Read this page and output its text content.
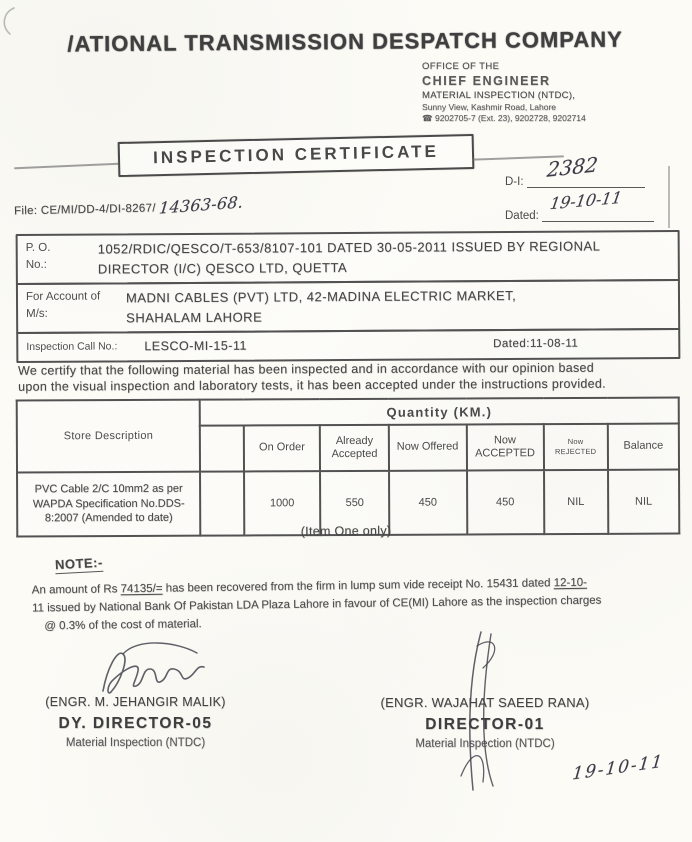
/ATIONAL TRANSMISSION DESPATCH COMPANY
OFFICE OF THE
CHIEF ENGINEER
MATERIAL INSPECTION (NTDC),
Sunny View, Kashmir Road, Lahore
☎ 9202705-7 (Ext. 23), 9202728, 9202714
INSPECTION CERTIFICATE
D-I:
2382
File: CE/MI/DD-4/DI-8267/ 14363-68.	Dated:
19-10-11
P. O.
No.:
1052/RDIC/QESCO/T-653/8107-101 DATED 30-05-2011 ISSUED BY REGIONAL
DIRECTOR (I/C) QESCO LTD, QUETTA
For Account of
M/s:
MADNI CABLES (PVT) LTD, 42-MADINA ELECTRIC MARKET,
SHAHALAM LAHORE
Inspection Call No.:	LESCO-MI-15-11	Dated:11-08-11
We certify that the following material has been inspected and in accordance with our opinion based
upon the visual inspection and laboratory tests, it has been accepted under the instructions provided.
Store Description	Quantity (KM.)						
		On Order	Already Accepted	Now Offered	Now ACCEPTED	Now REJECTED	Balance
PVC Cable 2/C 10mm2 as per WAPDA Specification No.DDS-8:2007 (Amended to date)		1000	550	450	450	NIL	NIL
(Item One only)
NOTE:-
An amount of Rs 74135/= has been recovered from the firm in lump sum vide receipt No. 15431 dated 12-10-
11 issued by National Bank Of Pakistan LDA Plaza Lahore in favour of CE(MI) Lahore as the inspection charges
@ 0.3% of the cost of material.
(ENGR. M. JEHANGIR MALIK)
DY. DIRECTOR-05
Material Inspection (NTDC)
(ENGR. WAJAHAT SAEED RANA)
DIRECTOR-01
Material Inspection (NTDC)
19-10-11
